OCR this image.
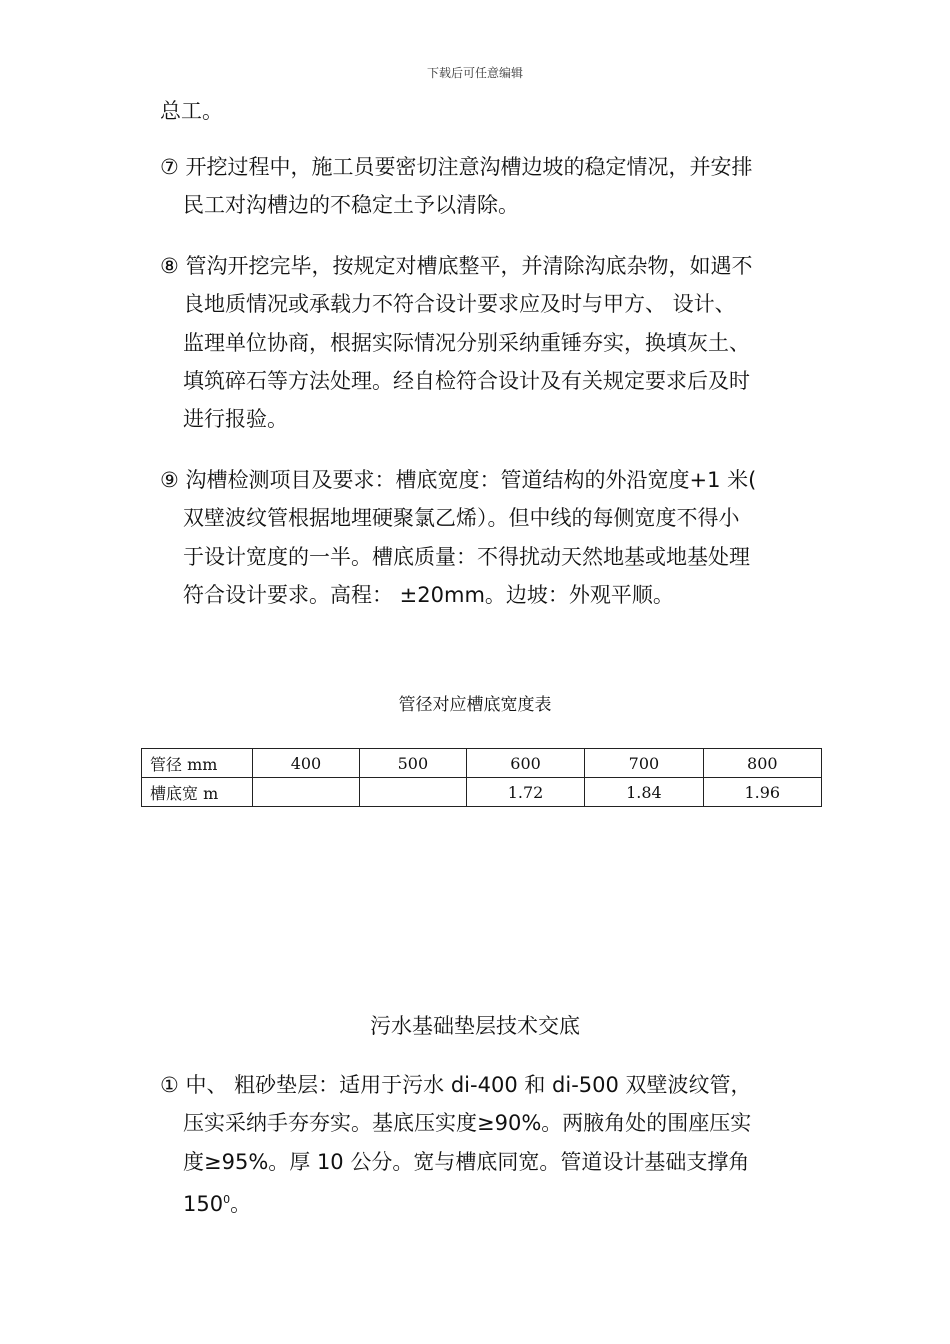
下载后可任意编辑
总工。
⑦ 开挖过程中，施工员要密切注意沟槽边坡的稳定情况，并安排
民工对沟槽边的不稳定土予以清除。
⑧ 管沟开挖完毕，按规定对槽底整平，并清除沟底杂物，如遇不
良地质情况或承载力不符合设计要求应及时与甲方、 设计、
监理单位协商，根据实际情况分别采纳重锤夯实，换填灰土、
填筑碎石等方法处理。经自检符合设计及有关规定要求后及时
进行报验。
⑨ 沟槽检测项目及要求：槽底宽度：管道结构的外沿宽度+1 米(
双壁波纹管根据地埋硬聚氯乙烯）。但中线的每侧宽度不得小
于设计宽度的一半。槽底质量：不得扰动天然地基或地基处理
符合设计要求。高程： ±20mm。边坡：外观平顺。
管径对应槽底宽度表
管径 mm	400	500	600	700	800
槽底宽 m			1.72	1.84	1.96
污水基础垫层技术交底
① 中、 粗砂垫层：适用于污水 di-400 和 di-500 双壁波纹管，
压实采纳手夯夯实。基底压实度≥90%。两腋角处的围座压实
度≥95%。厚 10 公分。宽与槽底同宽。管道设计基础支撑角
$150^0$。
